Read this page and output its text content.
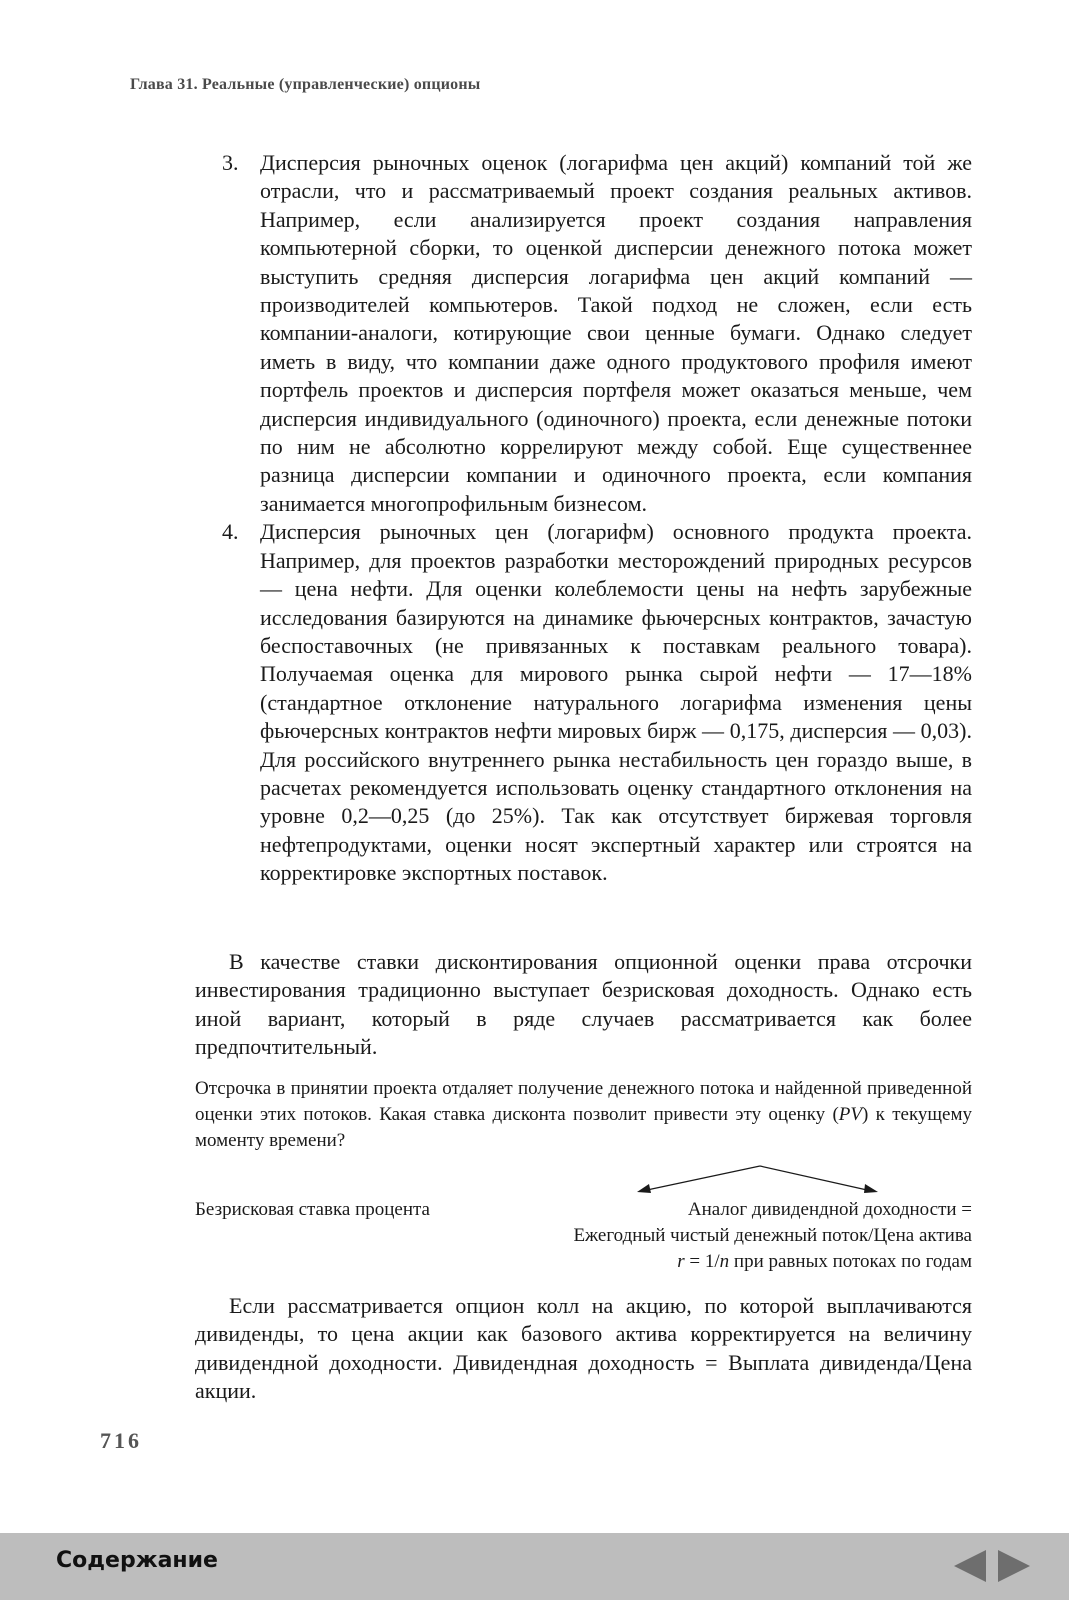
Глава 31. Реальные (управленческие) опционы
3. Дисперсия рыночных оценок (логарифма цен акций) компаний той же отрасли, что и рассматриваемый проект создания реальных активов. Например, если анализируется проект создания направления компьютерной сборки, то оценкой дисперсии денежного потока может выступить средняя дисперсия логарифма цен акций компаний — производителей компьютеров. Такой подход не сложен, если есть компании-аналоги, котирующие свои ценные бумаги. Однако следует иметь в виду, что компании даже одного продуктового профиля имеют портфель проектов и дисперсия портфеля может оказаться меньше, чем дисперсия индивидуального (одиночного) проекта, если денежные потоки по ним не абсолютно коррелируют между собой. Еще существеннее разница дисперсии компании и одиночного проекта, если компания занимается многопрофильным бизнесом.
4. Дисперсия рыночных цен (логарифм) основного продукта проекта. Например, для проектов разработки месторождений природных ресурсов — цена нефти. Для оценки колеблемости цены на нефть зарубежные исследования базируются на динамике фьючерсных контрактов, зачастую беспоставочных (не привязанных к поставкам реального товара). Получаемая оценка для мирового рынка сырой нефти — 17—18% (стандартное отклонение натурального логарифма изменения цены фьючерсных контрактов нефти мировых бирж — 0,175, дисперсия — 0,03). Для российского внутреннего рынка нестабильность цен гораздо выше, в расчетах рекомендуется использовать оценку стандартного отклонения на уровне 0,2—0,25 (до 25%). Так как отсутствует биржевая торговля нефтепродуктами, оценки носят экспертный характер или строятся на корректировке экспортных поставок.

В качестве ставки дисконтирования опционной оценки права отсрочки инвестирования традиционно выступает безрисковая доходность. Однако есть иной вариант, который в ряде случаев рассматривается как более предпочтительный.

Отсрочка в принятии проекта отдаляет получение денежного потока и найденной приведенной оценки этих потоков. Какая ставка дисконта позволит привести эту оценку (PV) к текущему моменту времени?
Безрисковая ставка процента	Аналог дивидендной доходности =
Ежегодный чистый денежный поток/Цена актива
r = 1/n при равных потоках по годам

Если рассматривается опцион колл на акцию, по которой выплачиваются дивиденды, то цена акции как базового актива корректируется на величину дивидендной доходности. Дивидендная доходность = Выплата дивиденда/Цена акции.

716
Содержание
